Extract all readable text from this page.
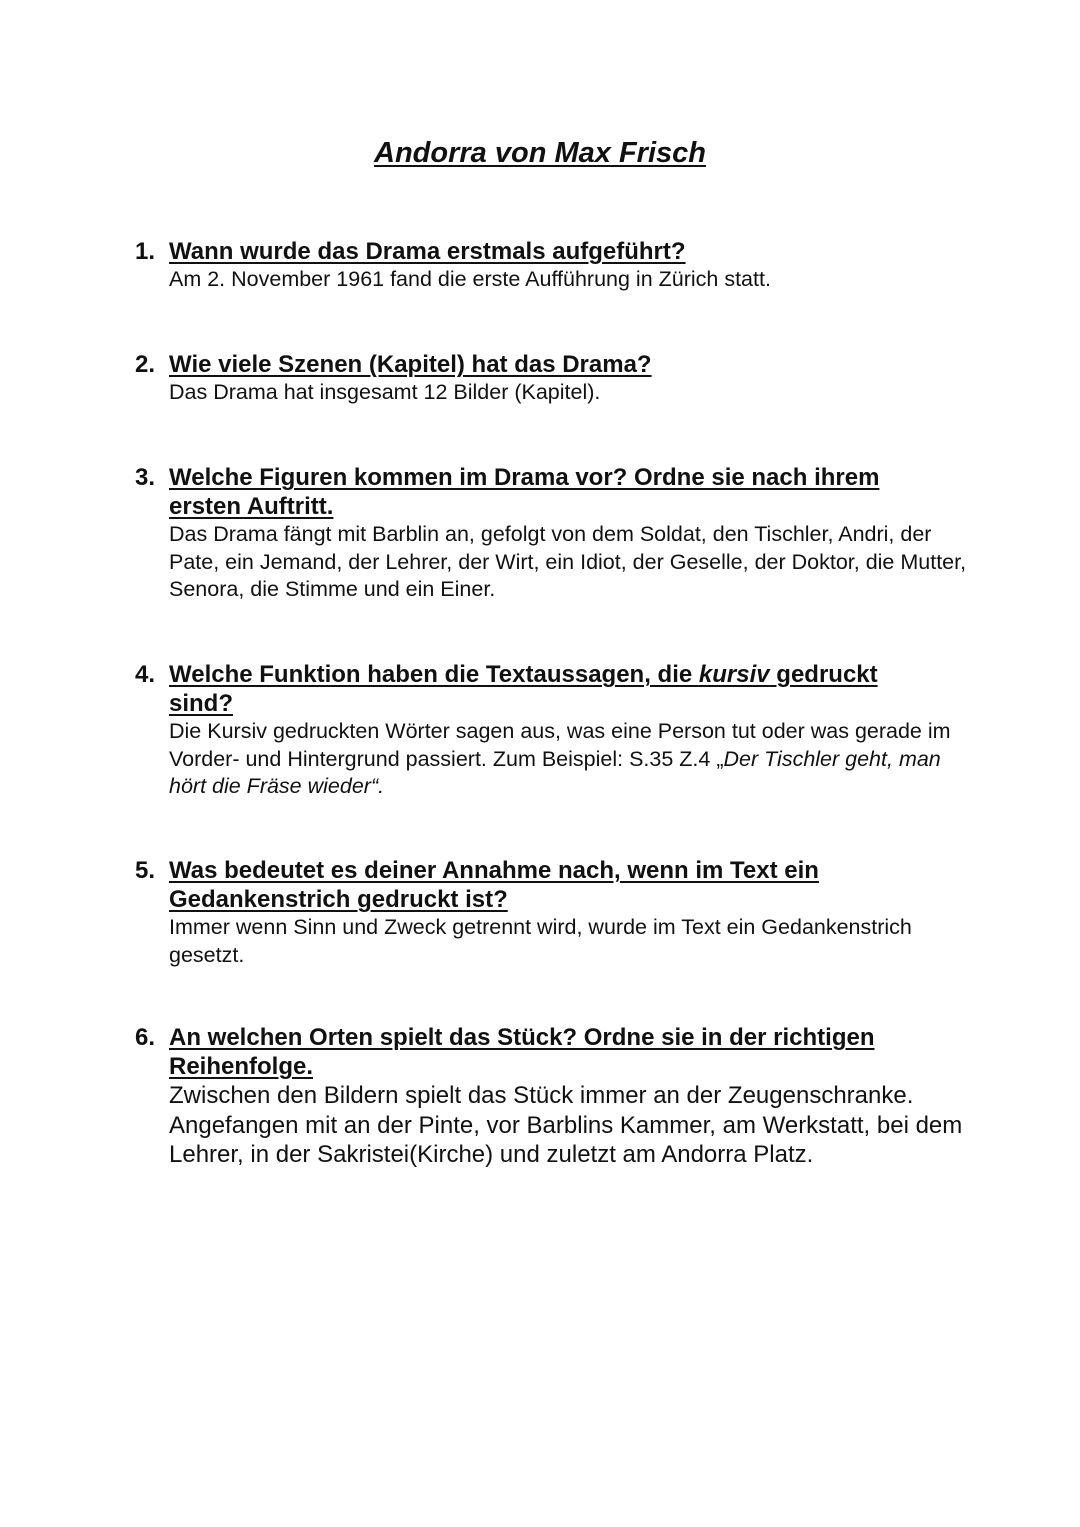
Andorra von Max Frisch
1. Wann wurde das Drama erstmals aufgeführt?
Am 2. November 1961 fand die erste Aufführung in Zürich statt.
2. Wie viele Szenen (Kapitel) hat das Drama?
Das Drama hat insgesamt 12 Bilder (Kapitel).
3. Welche Figuren kommen im Drama vor? Ordne sie nach ihrem ersten Auftritt.
Das Drama fängt mit Barblin an, gefolgt von dem Soldat, den Tischler, Andri, der Pate, ein Jemand, der Lehrer, der Wirt, ein Idiot, der Geselle, der Doktor, die Mutter, Senora, die Stimme und ein Einer.
4. Welche Funktion haben die Textaussagen, die kursiv gedruckt sind?
Die Kursiv gedruckten Wörter sagen aus, was eine Person tut oder was gerade im Vorder- und Hintergrund passiert. Zum Beispiel: S.35 Z.4 „Der Tischler geht, man hört die Fräse wieder“.
5. Was bedeutet es deiner Annahme nach, wenn im Text ein Gedankenstrich gedruckt ist?
Immer wenn Sinn und Zweck getrennt wird, wurde im Text ein Gedankenstrich gesetzt.
6. An welchen Orten spielt das Stück? Ordne sie in der richtigen Reihenfolge.
Zwischen den Bildern spielt das Stück immer an der Zeugenschranke. Angefangen mit an der Pinte, vor Barblins Kammer, am Werkstatt, bei dem Lehrer, in der Sakristei(Kirche) und zuletzt am Andorra Platz.
